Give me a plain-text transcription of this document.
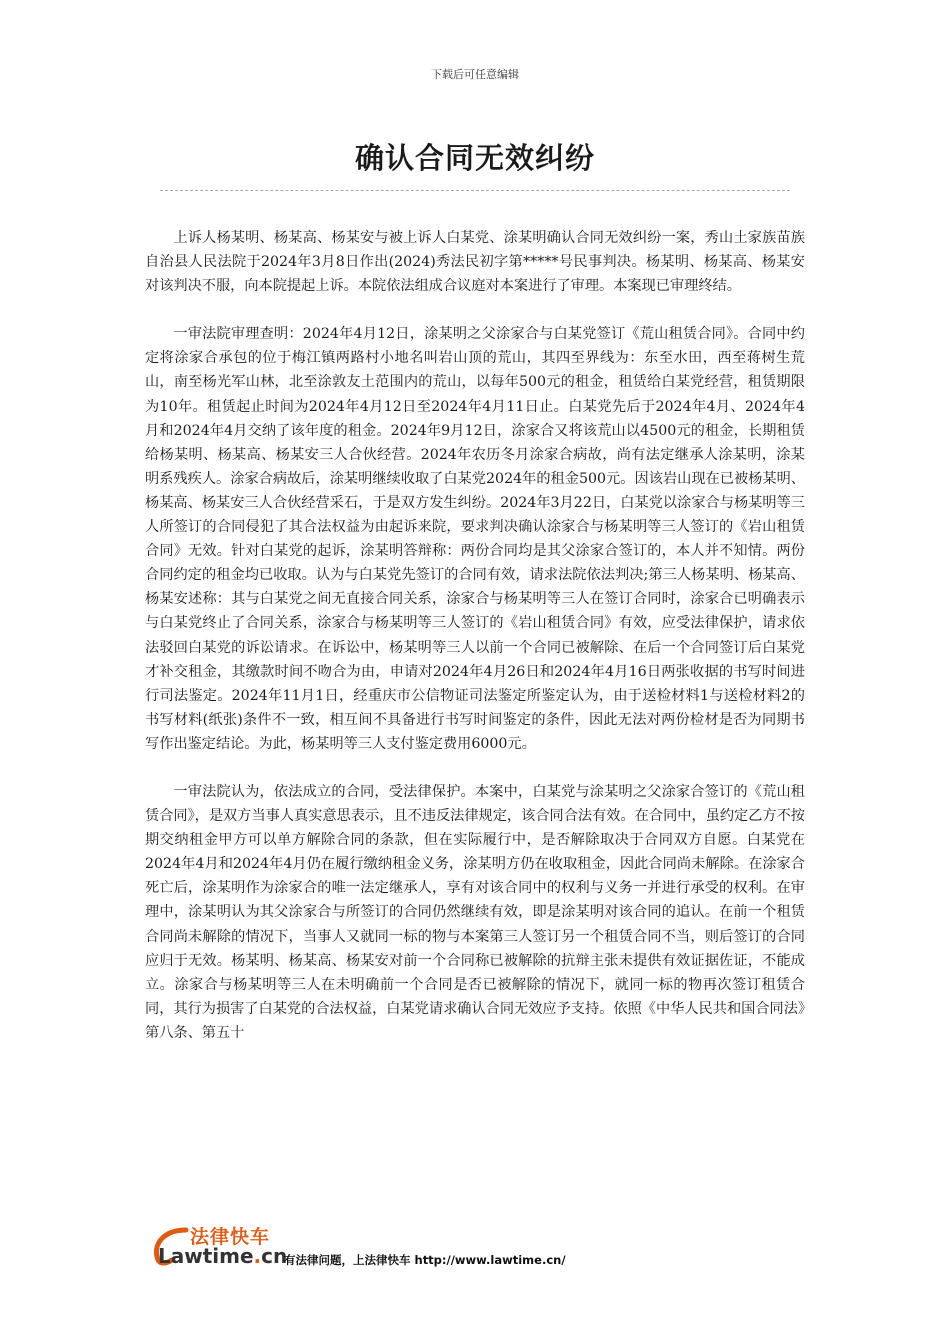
下载后可任意编辑
确认合同无效纠纷

上诉人杨某明、杨某高、杨某安与被上诉人白某党、涂某明确认合同无效纠纷一案，秀山土家族苗族自治县人民法院于2024年3月8日作出(2024)秀法民初字第*****号民事判决。杨某明、杨某高、杨某安对该判决不服，向本院提起上诉。本院依法组成合议庭对本案进行了审理。本案现已审理终结。

一审法院审理查明：2024年4月12日，涂某明之父涂家合与白某党签订《荒山租赁合同》。合同中约定将涂家合承包的位于梅江镇两路村小地名叫岩山顶的荒山，其四至界线为：东至水田，西至蒋树生荒山，南至杨光军山林，北至涂敦友土范围内的荒山，以每年500元的租金，租赁给白某党经营，租赁期限为10年。租赁起止时间为2024年4月12日至2024年4月11日止。白某党先后于2024年4月、2024年4月和2024年4月交纳了该年度的租金。2024年9月12日，涂家合又将该荒山以4500元的租金，长期租赁给杨某明、杨某高、杨某安三人合伙经营。2024年农历冬月涂家合病故，尚有法定继承人涂某明，涂某明系残疾人。涂家合病故后，涂某明继续收取了白某党2024年的租金500元。因该岩山现在已被杨某明、杨某高、杨某安三人合伙经营采石，于是双方发生纠纷。2024年3月22日，白某党以涂家合与杨某明等三人所签订的合同侵犯了其合法权益为由起诉来院，要求判决确认涂家合与杨某明等三人签订的《岩山租赁合同》无效。针对白某党的起诉，涂某明答辩称：两份合同均是其父涂家合签订的，本人并不知情。两份合同约定的租金均已收取。认为与白某党先签订的合同有效，请求法院依法判决;第三人杨某明、杨某高、杨某安述称：其与白某党之间无直接合同关系，涂家合与杨某明等三人在签订合同时，涂家合已明确表示与白某党终止了合同关系，涂家合与杨某明等三人签订的《岩山租赁合同》有效，应受法律保护，请求依法驳回白某党的诉讼请求。在诉讼中，杨某明等三人以前一个合同已被解除、在后一个合同签订后白某党才补交租金，其缴款时间不吻合为由，申请对2024年4月26日和2024年4月16日两张收据的书写时间进行司法鉴定。2024年11月1日，经重庆市公信物证司法鉴定所鉴定认为，由于送检材料1与送检材料2的书写材料(纸张)条件不一致，相互间不具备进行书写时间鉴定的条件，因此无法对两份检材是否为同期书写作出鉴定结论。为此，杨某明等三人支付鉴定费用6000元。

一审法院认为，依法成立的合同，受法律保护。本案中，白某党与涂某明之父涂家合签订的《荒山租赁合同》，是双方当事人真实意思表示，且不违反法律规定，该合同合法有效。在合同中，虽约定乙方不按期交纳租金甲方可以单方解除合同的条款，但在实际履行中，是否解除取决于合同双方自愿。白某党在2024年4月和2024年4月仍在履行缴纳租金义务，涂某明方仍在收取租金，因此合同尚未解除。在涂家合死亡后，涂某明作为涂家合的唯一法定继承人，享有对该合同中的权利与义务一并进行承受的权利。在审理中，涂某明认为其父涂家合与所签订的合同仍然继续有效，即是涂某明对该合同的追认。在前一个租赁合同尚未解除的情况下，当事人又就同一标的物与本案第三人签订另一个租赁合同不当，则后签订的合同应归于无效。杨某明、杨某高、杨某安对前一个合同称已被解除的抗辩主张未提供有效证据佐证，不能成立。涂家合与杨某明等三人在未明确前一个合同是否已被解除的情况下，就同一标的物再次签订租赁合同，其行为损害了白某党的合法权益，白某党请求确认合同无效应予支持。依照《中华人民共和国合同法》第八条、第五十

法律快车
Lawtime.cn
有法律问题，上法律快车 http://www.lawtime.cn/
